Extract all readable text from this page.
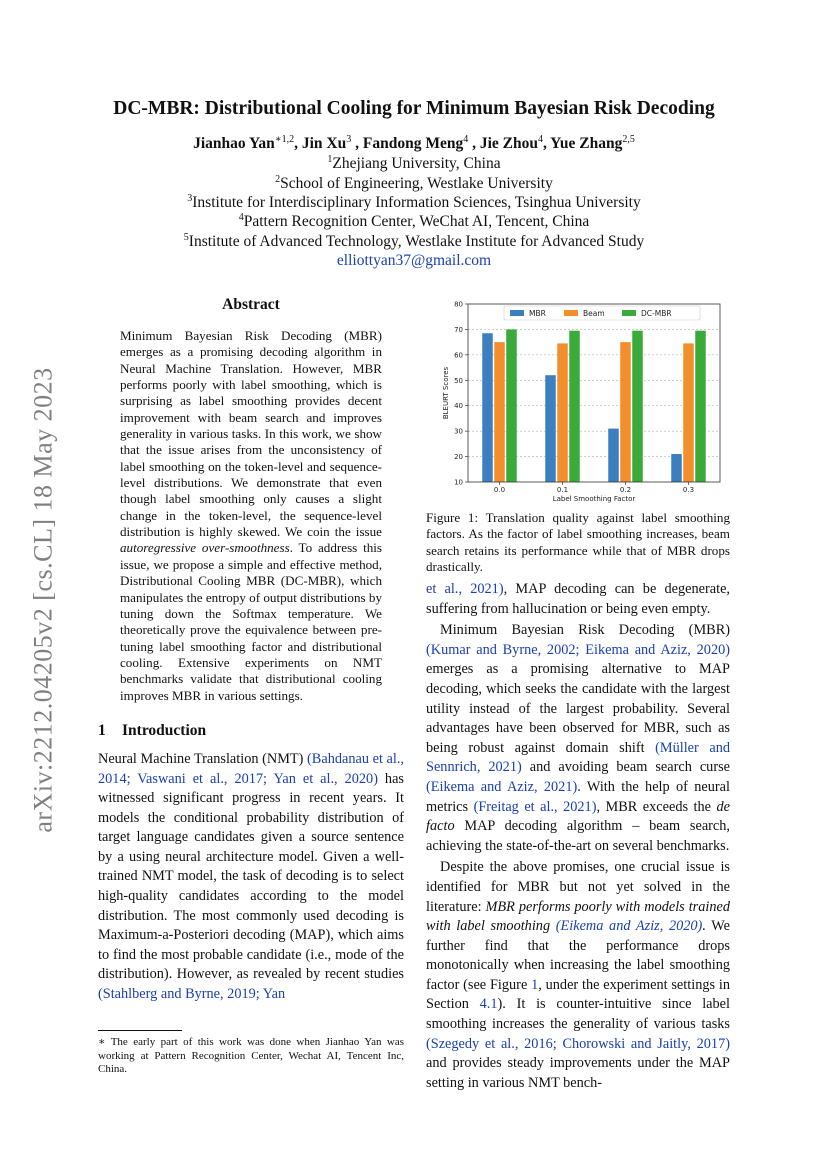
arXiv:2212.04205v2 [cs.CL] 18 May 2023
DC-MBR: Distributional Cooling for Minimum Bayesian Risk Decoding
Jianhao Yan$^{∗1,2}$, Jin Xu$^3$ , Fandong Meng$^4$ , Jie Zhou$^4$, Yue Zhang$^{2,5}$
$^1$Zhejiang University, China
$^2$School of Engineering, Westlake University
$^3$Institute for Interdisciplinary Information Sciences, Tsinghua University
$^4$Pattern Recognition Center, WeChat AI, Tencent, China
$^5$Institute of Advanced Technology, Westlake Institute for Advanced Study
elliottyan37@gmail.com
Abstract

Minimum Bayesian Risk Decoding (MBR) emerges as a promising decoding algorithm in Neural Machine Translation. However, MBR performs poorly with label smoothing, which is surprising as label smoothing provides decent improvement with beam search and improves generality in various tasks. In this work, we show that the issue arises from the unconsistency of label smoothing on the token-level and sequence-level distributions. We demonstrate that even though label smoothing only causes a slight change in the token-level, the sequence-level distribution is highly skewed. We coin the issue autoregressive over-smoothness. To address this issue, we propose a simple and effective method, Distributional Cooling MBR (DC-MBR), which manipulates the entropy of output distributions by tuning down the Softmax temperature. We theoretically prove the equivalence between pre-tuning label smoothing factor and distributional cooling. Extensive experiments on NMT benchmarks validate that distributional cooling improves MBR in various settings.

1 Introduction

Neural Machine Translation (NMT) (Bahdanau et al., 2014; Vaswani et al., 2017; Yan et al., 2020) has witnessed significant progress in recent years. It models the conditional probability distribution of target language candidates given a source sentence by a using neural architecture model. Given a well-trained NMT model, the task of decoding is to select high-quality candidates according to the model distribution. The most commonly used decoding is Maximum-a-Posteriori decoding (MAP), which aims to find the most probable candidate (i.e., mode of the distribution). However, as revealed by recent studies (Stahlberg and Byrne, 2019; Yan

∗ The early part of this work was done when Jianhao Yan was working at Pattern Recognition Center, Wechat AI, Tencent Inc, China.
10
20
30
40
50
60
70
80
0.0	0.1	0.2	0.3
Label Smoothing Factor
BLEURT Scores
MBR	Beam	DC-MBR
Figure 1: Translation quality against label smoothing factors. As the factor of label smoothing increases, beam search retains its performance while that of MBR drops drastically.

et al., 2021), MAP decoding can be degenerate, suffering from hallucination or being even empty.

Minimum Bayesian Risk Decoding (MBR) (Kumar and Byrne, 2002; Eikema and Aziz, 2020) emerges as a promising alternative to MAP decoding, which seeks the candidate with the largest utility instead of the largest probability. Several advantages have been observed for MBR, such as being robust against domain shift (Müller and Sennrich, 2021) and avoiding beam search curse (Eikema and Aziz, 2021). With the help of neural metrics (Freitag et al., 2021), MBR exceeds the de facto MAP decoding algorithm – beam search, achieving the state-of-the-art on several benchmarks.

Despite the above promises, one crucial issue is identified for MBR but not yet solved in the literature: MBR performs poorly with models trained with label smoothing (Eikema and Aziz, 2020). We further find that the performance drops monotonically when increasing the label smoothing factor (see Figure 1, under the experiment settings in Section 4.1). It is counter-intuitive since label smoothing increases the generality of various tasks (Szegedy et al., 2016; Chorowski and Jaitly, 2017) and provides steady improvements under the MAP setting in various NMT bench-
